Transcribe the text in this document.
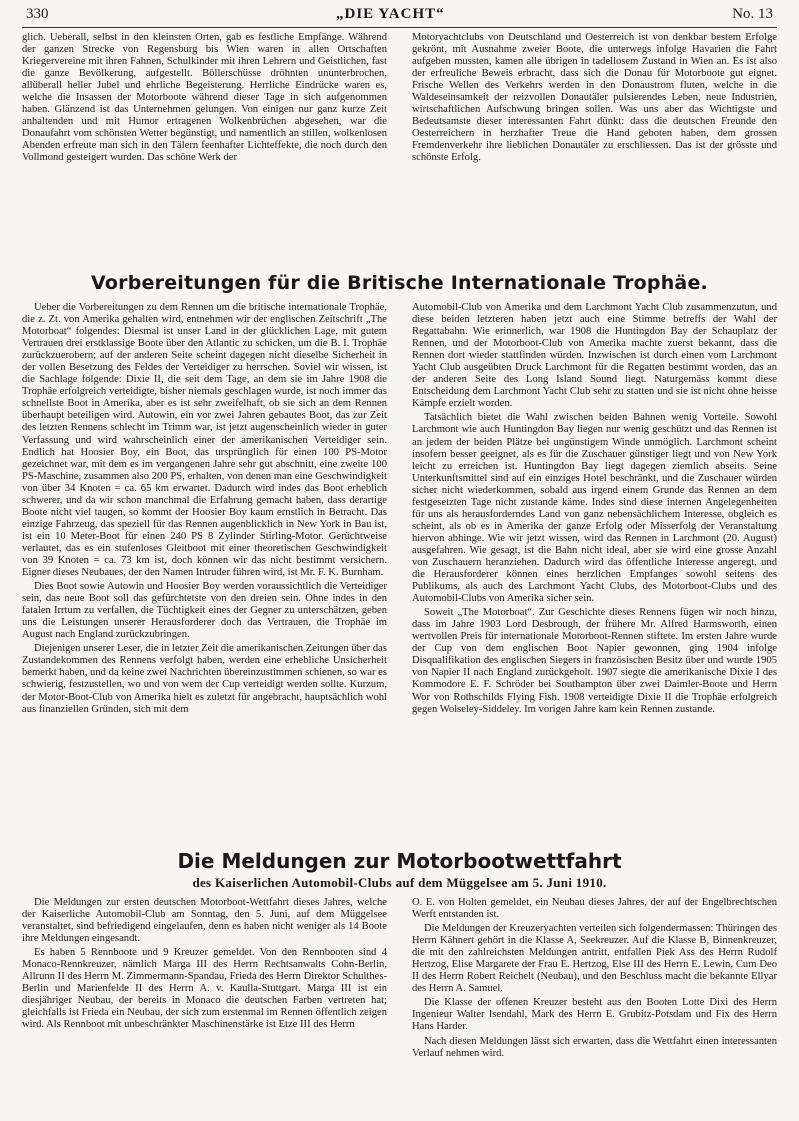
330	„DIE YACHT“	No. 13

glich. Ueberall, selbst in den kleinsten Orten, gab es festliche Empfänge. Während der ganzen Strecke von Regensburg bis Wien waren in allen Ortschaften Kriegervereine mit ihren Fahnen, Schulkinder mit ihren Lehrern und Geistlichen, fast die ganze Bevölkerung, aufgestellt. Böllerschüsse dröhnten ununterbrochen, allüberall heller Jubel und ehrliche Begeisterung. Herrliche Eindrücke waren es, welche die Insassen der Motorboote während dieser Tage in sich aufgenommen haben. Glänzend ist das Unternehmen gelungen. Von einigen nur ganz kurze Zeit anhaltenden und mit Humor ertragenen Wolkenbrüchen abgesehen, war die Donaufahrt vom schönsten Wetter begünstigt, und namentlich an stillen, wolkenlosen Abenden erfreute man sich in den Tälern feenhafter Lichteffekte, die noch durch den Vollmond gesteigert wurden. Das schöne Werk der

Motoryachtclubs von Deutschland und Oesterreich ist von denkbar bestem Erfolge gekrönt, mit Ausnahme zweier Boote, die unterwegs infolge Havarien die Fahrt aufgeben mussten, kamen alle übrigen in tadellosem Zustand in Wien an. Es ist also der erfreuliche Beweis erbracht, dass sich die Donau für Motorboote gut eignet. Frische Wellen des Verkehrs werden in den Donaustrom fluten, welche in die Waldeseinsamkeit der reizvollen Donautäler pulsierendes Leben, neue Industrien, wirtschaftlichen Aufschwung bringen sollen. Was uns aber das Wichtigste und Bedeutsamste dieser interessanten Fahrt dünkt: dass die deutschen Freunde den Oesterreichern in herzhafter Treue die Hand geboten haben, dem grossen Fremdenverkehr ihre lieblichen Donautäler zu erschliessen. Das ist der grösste und schönste Erfolg.

Vorbereitungen für die Britische Internationale Trophäe.

Ueber die Vorbereitungen zu dem Rennen um die britische internationale Trophäe, die z. Zt. von Amerika gehalten wird, entnehmen wir der englischen Zeitschrift „The Motorboat“ folgendes: Diesmal ist unser Land in der glücklichen Lage, mit gutem Vertrauen drei erstklassige Boote über den Atlantic zu schicken, um die B. I. Trophäe zurückzuerobern; auf der anderen Seite scheint dagegen nicht dieselbe Sicherheit in der vollen Besetzung des Feldes der Verteidiger zu herrschen. Soviel wir wissen, ist die Sachlage folgende: Dixie II, die seit dem Tage, an dem sie im Jahre 1908 die Trophäe erfolgreich verteidigte, bisher niemals geschlagen wurde, ist noch immer das schnellste Boot in Amerika, aber es ist sehr zweifelhaft, ob sie sich an dem Rennen überhaupt beteiligen wird. Autowin, ein vor zwei Jahren gebautes Boot, das zur Zeit des letzten Rennens schlecht im Trimm war, ist jetzt augenscheinlich wieder in guter Verfassung und wird wahrscheinlich einer der amerikanischen Verteidiger sein. Endlich hat Hoosier Boy, ein Boot, das ursprünglich für einen 100 PS-Motor gezeichnet war, mit dem es im vergangenen Jahre sehr gut abschnitt, eine zweite 100 PS-Maschine, zusammen also 200 PS, erhalten, von denen man eine Geschwindigkeit von über 34 Knoten = ca. 65 km erwartet. Dadurch wird indes das Boot erheblich schwerer, und da wir schon manchmal die Erfahrung gemacht haben, dass derartige Boote nicht viel taugen, so kommt der Hoosier Boy kaum ernstlich in Betracht. Das einzige Fahrzeug, das speziell für das Rennen augenblicklich in New York in Bau ist, ist ein 10 Meter-Boot für einen 240 PS 8 Zylinder Stirling-Motor. Gerüchtweise verlautet, das es ein stufenloses Gleitboot mit einer theoretischen Geschwindigkeit von 39 Knoten = ca. 73 km ist, doch können wir das nicht bestimmt versichern. Eigner dieses Neubaues, der den Namen Intruder führen wird, ist Mr. F. K. Burnham.

Dies Boot sowie Autowin und Hoosier Boy werden voraussichtlich die Verteidiger sein, das neue Boot soll das gefürchtetste von den dreien sein. Ohne indes in den fatalen Irrtum zu verfallen, die Tüchtigkeit eines der Gegner zu unterschätzen, geben uns die Leistungen unserer Herausforderer doch das Vertrauen, die Trophäe im August nach England zurückzubringen.

Diejenigen unserer Leser, die in letzter Zeit die amerikanischen Zeitungen über das Zustandekommen des Rennens verfolgt haben, werden eine erhebliche Unsicherheit bemerkt haben, und da keine zwei Nachrichten übereinzustimmen schienen, so war es schwierig, festzustellen, wo und von wem der Cup verteidigt werden sollte. Kurzum, der Motor-Boot-Club von Amerika hielt es zuletzt für angebracht, hauptsächlich wohl aus finanziellen Gründen, sich mit dem

Automobil-Club von Amerika und dem Larchmont Yacht Club zusammenzutun, und diese beiden letzteren haben jetzt auch eine Stimme betreffs der Wahl der Regattabahn. Wie erinnerlich, war 1908 die Huntingdon Bay der Schauplatz der Rennen, und der Motorboot-Club von Amerika machte zuerst bekannt, dass die Rennen dort wieder stattfinden würden. Inzwischen ist durch einen vom Larchmont Yacht Club ausgeübten Druck Larchmont für die Regatten bestimmt worden, das an der anderen Seite des Long Island Sound liegt. Naturgemäss kommt diese Entscheidung dem Larchmont Yacht Club sehr zu statten und sie ist nicht ohne heisse Kämpfe erzielt worden.

Tatsächlich bietet die Wahl zwischen beiden Bahnen wenig Vorteile. Sowohl Larchmont wie auch Huntingdon Bay liegen nur wenig geschützt und das Rennen ist an jedem der beiden Plätze bei ungünstigem Winde unmöglich. Larchmont scheint insofern besser geeignet, als es für die Zuschauer günstiger liegt und von New York leicht zu erreichen ist. Huntingdon Bay liegt dagegen ziemlich abseits. Seine Unterkunftsmittel sind auf ein einziges Hotel beschränkt, und die Zuschauer würden sicher nicht wiederkommen, sobald aus irgend einem Grunde das Rennen an dem festgesetzten Tage nicht zustande käme. Indes sind diese internen Angelegenheiten für uns als herausforderndes Land von ganz nebensächlichem Interesse, obgleich es scheint, als ob es in Amerika der ganze Erfolg oder Misserfolg der Veranstaltung hiervon abhinge. Wie wir jetzt wissen, wird das Rennen in Larchmont (20. August) ausgefahren. Wie gesagt, ist die Bahn nicht ideal, aber sie wird eine grosse Anzahl von Zuschauern heranziehen. Dadurch wird das öffentliche Interesse angeregt, und die Herausforderer können eines herzlichen Empfanges sowohl seitens des Publikums, als auch des Larchmont Yacht Clubs, des Motorboot-Clubs und des Automobil-Clubs von Amerika sicher sein.

Soweit „The Motorboat“. Zur Geschichte dieses Rennens fügen wir noch hinzu, dass im Jahre 1903 Lord Desbrough, der frühere Mr. Alfred Harmsworth, einen wertvollen Preis für internationale Motorboot-Rennen stiftete. Im ersten Jahre wurde der Cup von dem englischen Boot Napier gewonnen, ging 1904 infolge Disqualifikation des englischen Siegers in französischen Besitz über und wurde 1905 von Napier II nach England zurückgeholt. 1907 siegte die amerikanische Dixie I des Kommodore E. F. Schröder bei Southampton über zwei Daimler-Boote und Herrn Wor von Rothschilds Flying Fish. 1908 verteidigte Dixie II die Trophäe erfolgreich gegen Wolseley-Siddeley. Im vorigen Jahre kam kein Rennen zustande.

Die Meldungen zur Motorbootwettfahrt
des Kaiserlichen Automobil-Clubs auf dem Müggelsee am 5. Juni 1910.

Die Meldungen zur ersten deutschen Motorboot-Wettfahrt dieses Jahres, welche der Kaiserliche Automobil-Club am Sonntag, den 5. Juni, auf dem Müggelsee veranstaltet, sind befriedigend eingelaufen, denn es haben nicht weniger als 14 Boote ihre Meldungen eingesandt.

Es haben 5 Rennboote und 9 Kreuzer gemeldet. Von den Rennbooten sind 4 Monaco-Rennkreuzer, nämlich Marga III des Herrn Rechtsanwalts Cohn-Berlin, Allrunn II des Herrn M. Zimmermann-Spandau, Frieda des Herrn Direktor Schulthes-Berlin und Marienfelde II des Herrn A. v. Kaulla-Stuttgart. Marga III ist ein diesjähriger Neubau, der bereits in Monaco die deutschen Farben vertreten hat; gleichfalls ist Frieda ein Neubau, der sich zum erstenmal im Rennen öffentlich zeigen wird. Als Rennboot mit unbeschränkter Maschinenstärke ist Etze III des Herrn

O. E. von Holten gemeldet, ein Neubau dieses Jahres, der auf der Engelbrechtschen Werft entstanden ist.

Die Meldungen der Kreuzeryachten verteilen sich folgendermassen: Thüringen des Herrn Kähnert gehört in die Klasse A, Seekreuzer. Auf die Klasse B, Binnenkreuzer, die mit den zahlreichsten Meldungen antritt, entfallen Piek Ass des Herrn Rudolf Hertzog, Elise Margarete der Frau E. Hertzog, Else III des Herrn E. Lewin, Cum Deo II des Herrn Robert Reichelt (Neubau), und den Beschluss macht die bekannte Ellyar des Herrn A. Samuel.

Die Klasse der offenen Kreuzer besteht aus den Booten Lotte Dixi des Herrn Ingenieur Walter Isendahl, Mark des Herrn E. Grubitz-Potsdam und Fix des Herrn Hans Harder.

Nach diesen Meldungen lässt sich erwarten, dass die Wettfahrt einen interessanten Verlauf nehmen wird.
